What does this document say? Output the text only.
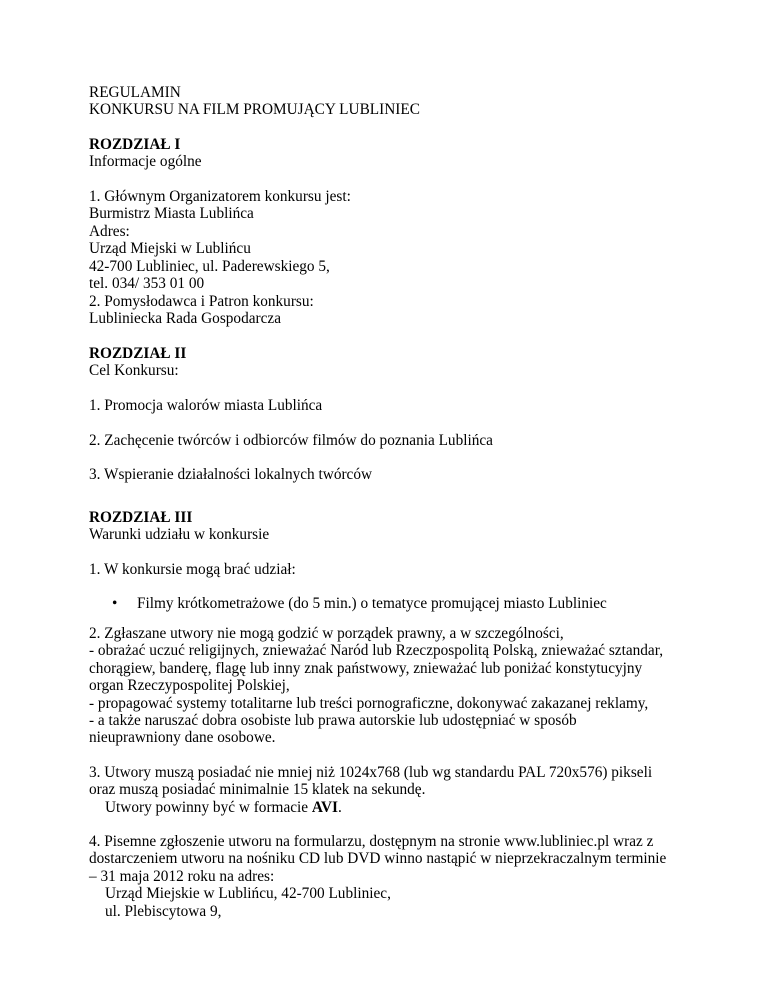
REGULAMIN

KONKURSU NA FILM PROMUJĄCY LUBLINIEC

ROZDZIAŁ I

Informacje ogólne

1. Głównym Organizatorem konkursu jest:

Burmistrz Miasta Lublińca

Adres:

Urząd Miejski w Lublińcu

42-700 Lubliniec, ul. Paderewskiego 5,

tel. 034/ 353 01 00

2. Pomysłodawca i Patron konkursu:

Lubliniecka Rada Gospodarcza

ROZDZIAŁ II

Cel Konkursu:

1. Promocja walorów miasta Lublińca

2. Zachęcenie twórców i odbiorców filmów do poznania Lublińca

3. Wspieranie działalności lokalnych twórców

ROZDZIAŁ III

Warunki udziału w konkursie

1. W konkursie mogą brać udział:

• Filmy krótkometrażowe (do 5 min.) o tematyce promującej miasto Lubliniec

2. Zgłaszane utwory nie mogą godzić w porządek prawny, a w szczególności,

- obrażać uczuć religijnych, znieważać Naród lub Rzeczpospolitą Polską, znieważać sztandar,

chorągiew, banderę, flagę lub inny znak państwowy, znieważać lub poniżać konstytucyjny

organ Rzeczypospolitej Polskiej,

- propagować systemy totalitarne lub treści pornograficzne, dokonywać zakazanej reklamy,

- a także naruszać dobra osobiste lub prawa autorskie lub udostępniać w sposób

nieuprawniony dane osobowe.

3. Utwory muszą posiadać nie mniej niż 1024x768 (lub wg standardu PAL 720x576) pikseli

oraz muszą posiadać minimalnie 15 klatek na sekundę.

Utwory powinny być w formacie AVI.

4. Pisemne zgłoszenie utworu na formularzu, dostępnym na stronie www.lubliniec.pl wraz z

dostarczeniem utworu na nośniku CD lub DVD winno nastąpić w nieprzekraczalnym terminie

– 31 maja 2012 roku na adres:

Urząd Miejskie w Lublińcu, 42-700 Lubliniec,

ul. Plebiscytowa 9,
